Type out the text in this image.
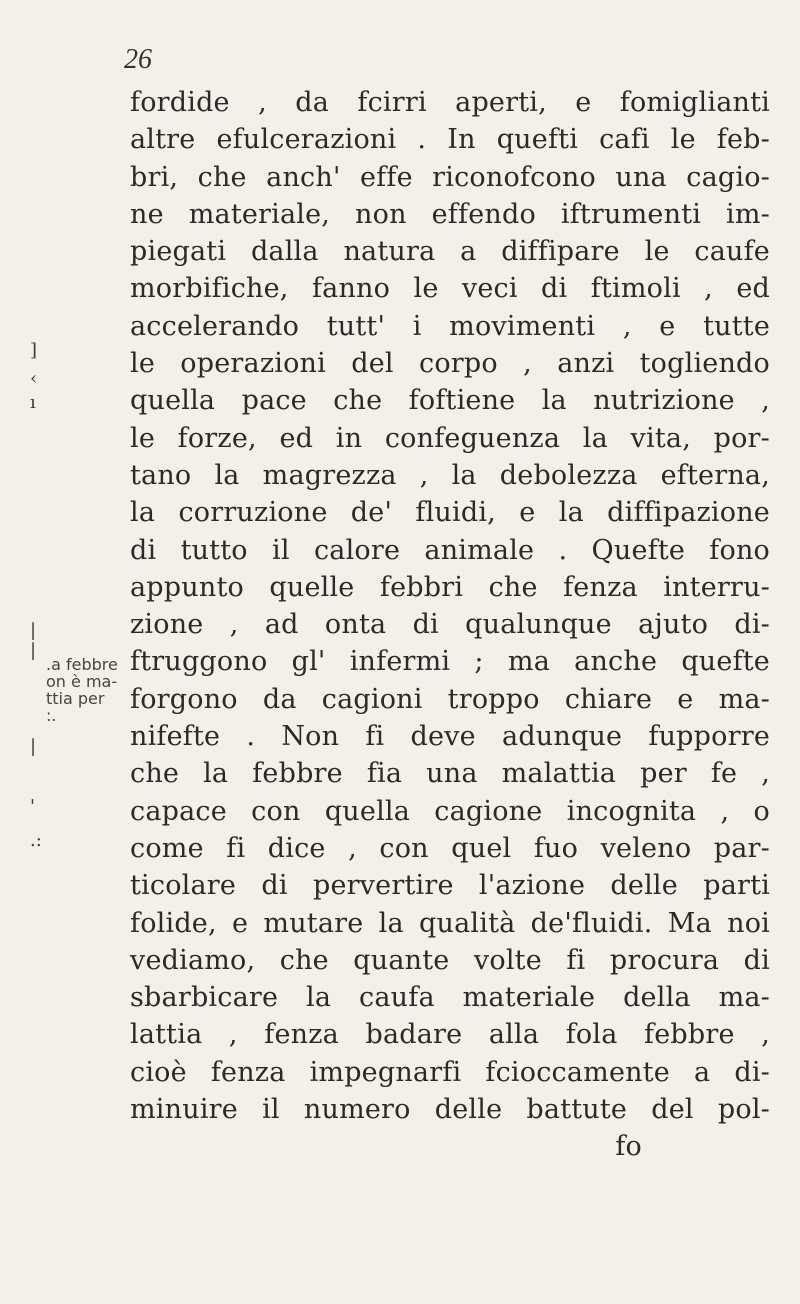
26
]
‹
ı
|
|
|
'
.:
.a febbre
on è ma-
ttia per
:.
fordide , da fcirri aperti, e fomiglianti
altre efulcerazioni . In quefti cafi le feb-
bri, che anch' effe riconofcono una cagio-
ne materiale, non effendo iftrumenti im-
piegati dalla natura a diffipare le caufe
morbifiche, fanno le veci di ftimoli , ed
accelerando tutt' i movimenti , e tutte
le operazioni del corpo , anzi togliendo
quella pace che foftiene la nutrizione ,
le forze, ed in confeguenza la vita, por-
tano la magrezza , la debolezza efterna,
la corruzione de' fluidi, e la diffipazione
di tutto il calore animale . Quefte fono
appunto quelle febbri che fenza interru-
zione , ad onta di qualunque ajuto di-
ftruggono gl' infermi ; ma anche quefte
forgono da cagioni troppo chiare e ma-
nifefte . Non fi deve adunque fupporre
che la febbre fia una malattia per fe ,
capace con quella cagione incognita , o
come fi dice , con quel fuo veleno par-
ticolare di pervertire l'azione delle parti
folide, e mutare la qualità de'fluidi. Ma noi
vediamo, che quante volte fi procura di
sbarbicare la caufa materiale della ma-
lattia , fenza badare alla fola febbre ,
cioè fenza impegnarfi fcioccamente a di-
minuire il numero delle battute del pol-
fo
